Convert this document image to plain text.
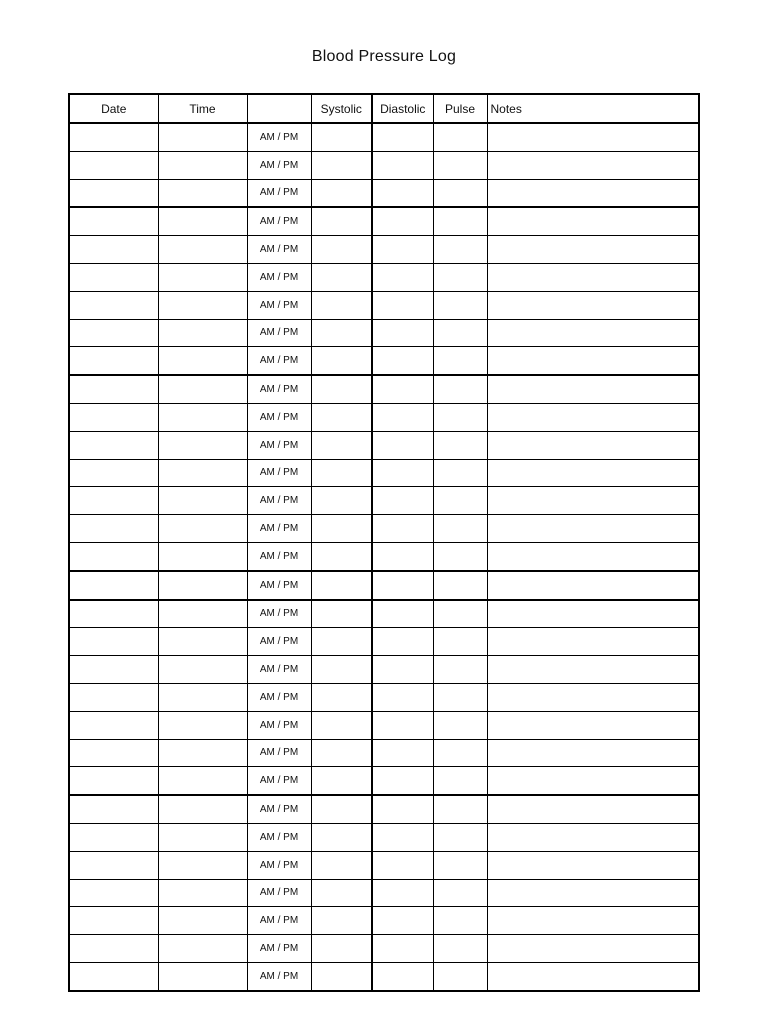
Blood Pressure Log
Date	Time		Systolic	Diastolic	Pulse	Notes
		AM / PM				
		AM / PM				
		AM / PM				
		AM / PM				
		AM / PM				
		AM / PM				
		AM / PM				
		AM / PM				
		AM / PM				
		AM / PM				
		AM / PM				
		AM / PM				
		AM / PM				
		AM / PM				
		AM / PM				
		AM / PM				
		AM / PM				
		AM / PM				
		AM / PM				
		AM / PM				
		AM / PM				
		AM / PM				
		AM / PM				
		AM / PM				
		AM / PM				
		AM / PM				
		AM / PM				
		AM / PM				
		AM / PM				
		AM / PM				
		AM / PM				
